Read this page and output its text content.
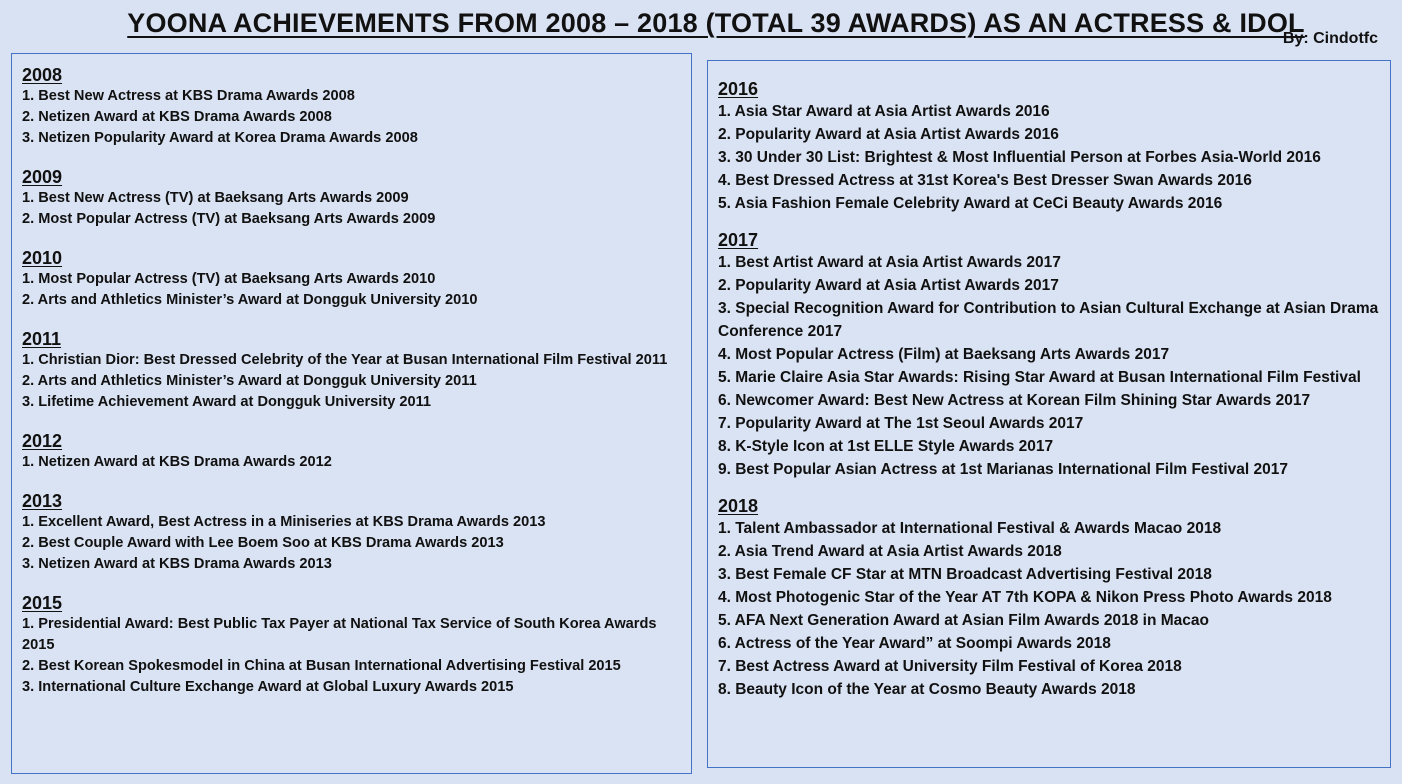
YOONA ACHIEVEMENTS FROM 2008 – 2018 (TOTAL 39 AWARDS) AS AN ACTRESS & IDOL
By: Cindotfc
2008
1. Best New Actress at KBS Drama Awards 2008
2. Netizen Award at KBS Drama Awards 2008
3. Netizen Popularity Award at Korea Drama Awards 2008
2009
1. Best New Actress (TV) at Baeksang Arts Awards 2009
2. Most Popular Actress (TV) at Baeksang Arts Awards 2009
2010
1. Most Popular Actress (TV) at Baeksang Arts Awards 2010
2. Arts and Athletics Minister’s Award at Dongguk University 2010
2011
1. Christian Dior: Best Dressed Celebrity of the Year at Busan International Film Festival 2011
2. Arts and Athletics Minister’s Award at Dongguk University 2011
3. Lifetime Achievement Award at Dongguk University 2011
2012
1. Netizen Award at KBS Drama Awards 2012
2013
1. Excellent Award, Best Actress in a Miniseries at KBS Drama Awards 2013
2. Best Couple Award with Lee Boem Soo at KBS Drama Awards 2013
3. Netizen Award at KBS Drama Awards 2013
2015
1. Presidential Award: Best Public Tax Payer at National Tax Service of South Korea Awards 2015
2. Best Korean Spokesmodel in China at Busan International Advertising Festival 2015
3. International Culture Exchange Award at Global Luxury Awards 2015
2016
1. Asia Star Award at Asia Artist Awards 2016
2. Popularity Award at Asia Artist Awards 2016
3. 30 Under 30 List: Brightest & Most Influential Person at Forbes Asia-World 2016
4. Best Dressed Actress at 31st Korea's Best Dresser Swan Awards 2016
5. Asia Fashion Female Celebrity Award at CeCi Beauty Awards 2016
2017
1. Best Artist Award at Asia Artist Awards 2017
2. Popularity Award at Asia Artist Awards 2017
3. Special Recognition Award for Contribution to Asian Cultural Exchange at Asian Drama Conference 2017
4. Most Popular Actress (Film) at Baeksang Arts Awards 2017
5. Marie Claire Asia Star Awards: Rising Star Award at Busan International Film Festival
6. Newcomer Award: Best New Actress at Korean Film Shining Star Awards 2017
7. Popularity Award at The 1st Seoul Awards 2017
8. K-Style Icon at 1st ELLE Style Awards 2017
9. Best Popular Asian Actress at 1st Marianas International Film Festival 2017
2018
1. Talent Ambassador at International Festival & Awards Macao 2018
2. Asia Trend Award at Asia Artist Awards 2018
3. Best Female CF Star at MTN Broadcast Advertising Festival 2018
4. Most Photogenic Star of the Year AT 7th KOPA & Nikon Press Photo Awards 2018
5. AFA Next Generation Award at Asian Film Awards 2018 in Macao
6. Actress of the Year Award” at Soompi Awards 2018
7. Best Actress Award at University Film Festival of Korea 2018
8. Beauty Icon of the Year at Cosmo Beauty Awards 2018
